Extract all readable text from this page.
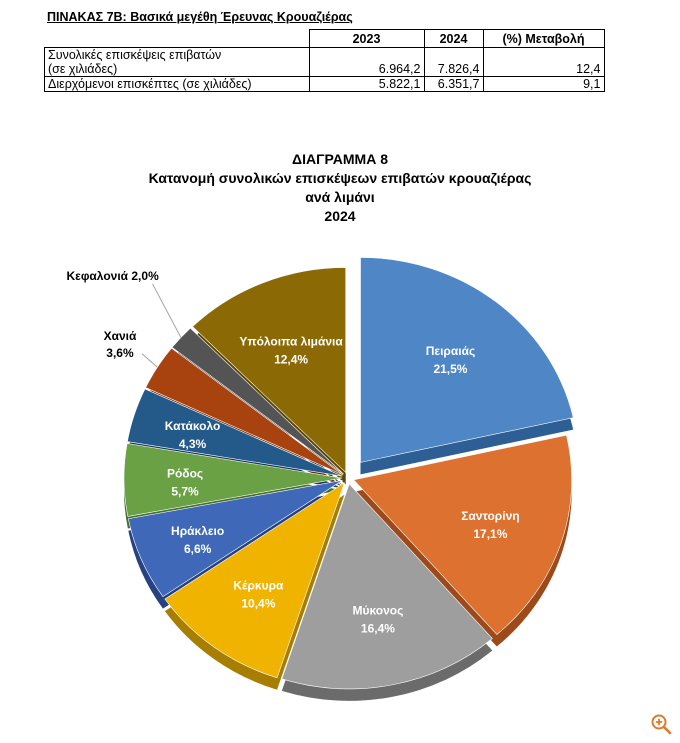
ΠΙΝΑΚΑΣ 7Β: Βασικά μεγέθη Έρευνας Κρουαζιέρας
	2023	2024	(%) Μεταβολή

Συνολικές επισκέψεις επιβατών
(σε χιλιάδες)	6.964,2	7.826,4	12,4
Διερχόμενοι επισκέπτες (σε χιλιάδες)	5.822,1	6.351,7	9,1
ΔΙΑΓΡΑΜΜΑ 8
Κατανομή συνολικών επισκέψεων επιβατών κρουαζιέρας
ανά λιμάνι
2024
Πειραιάς
21,5%
Σαντορίνη
17,1%
Μύκονος
16,4%
Κέρκυρα
10,4%
Ηράκλειο
6,6%
Ρόδος
5,7%
Κατάκολο
4,3%
Χανιά
3,6%
Κεφαλονιά 2,0%
Υπόλοιπα λιμάνια
12,4%
